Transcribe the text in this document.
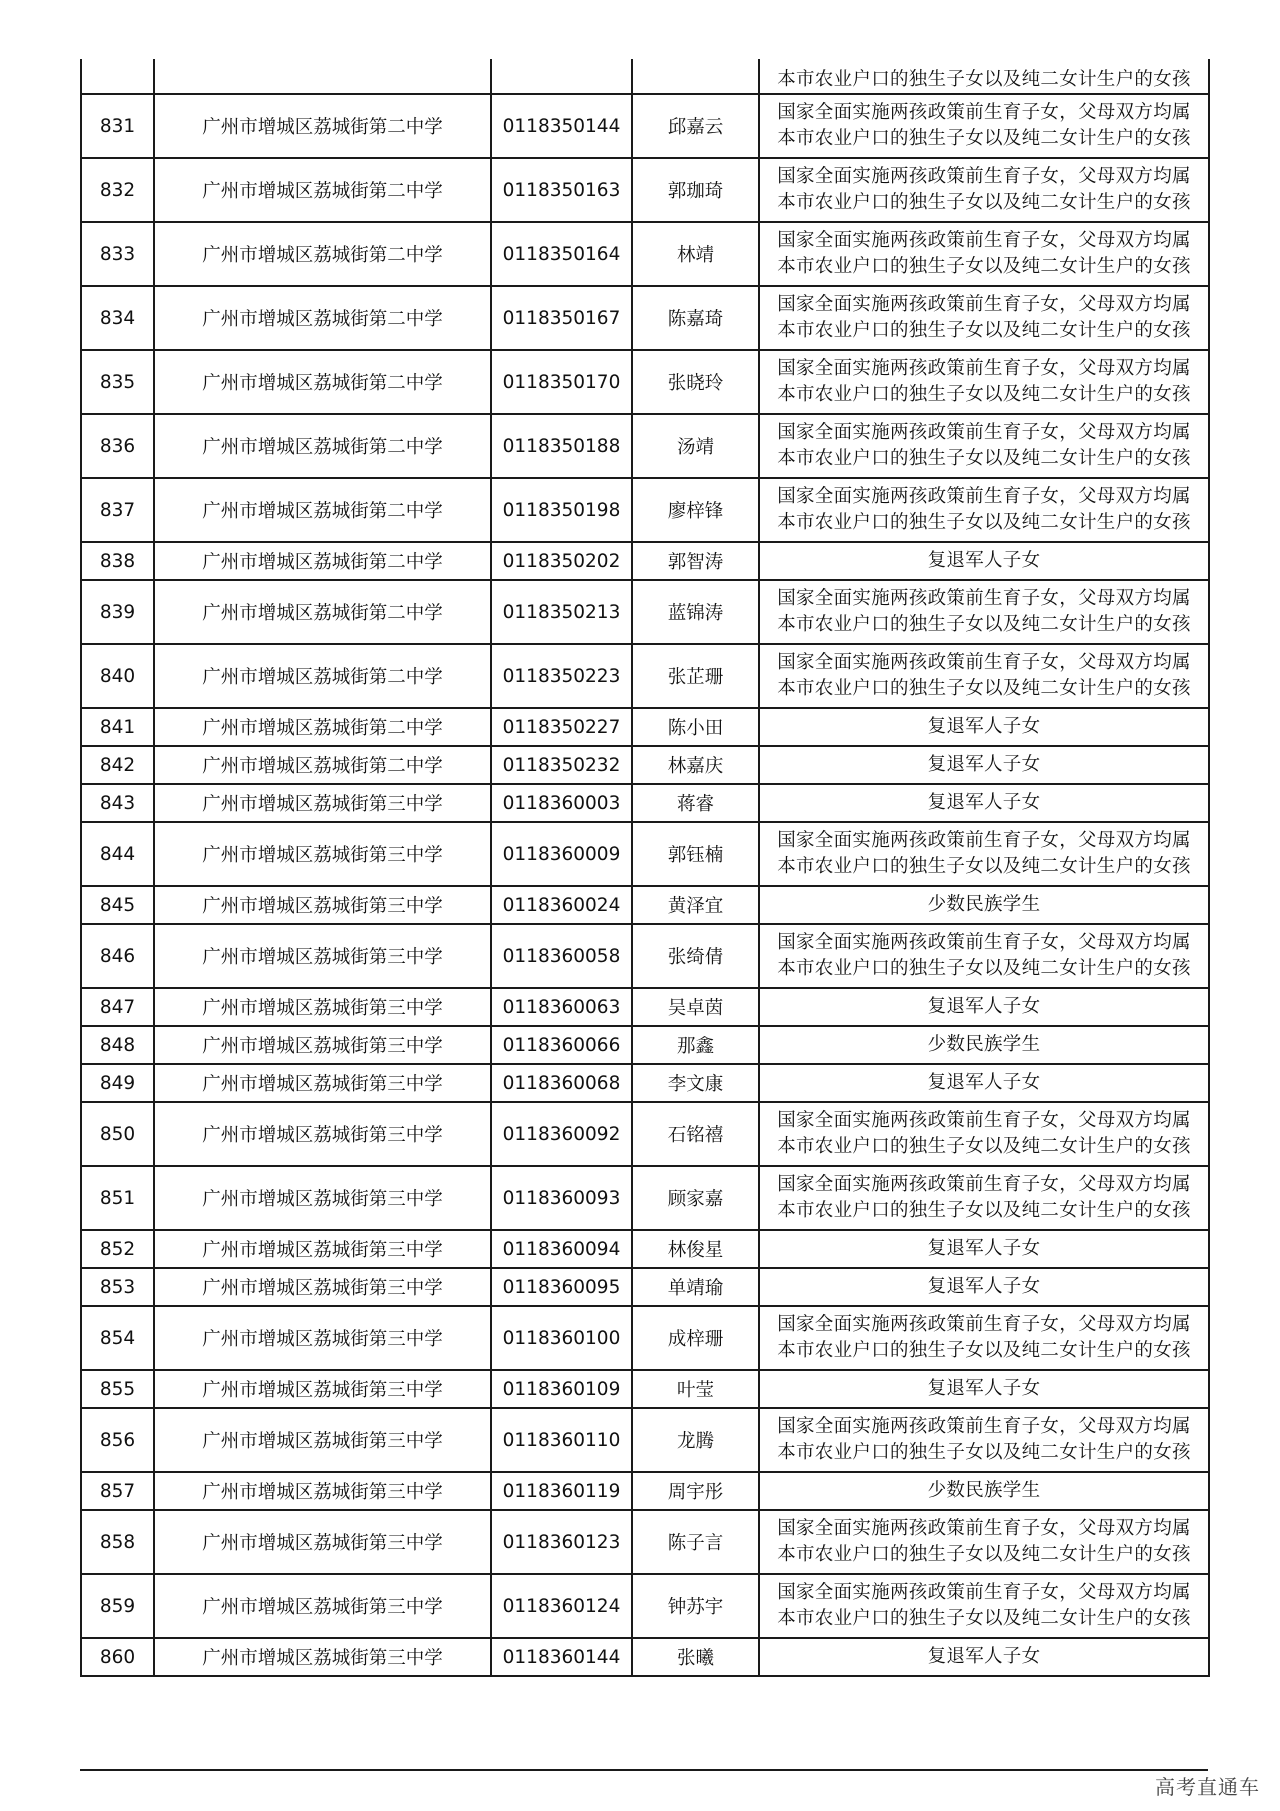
				本市农业户口的独生子女以及纯二女计生户的女孩

831	广州市增城区荔城街第二中学	0118350144	邱嘉云	国家全面实施两孩政策前生育子女，父母双方均属
本市农业户口的独生子女以及纯二女计生户的女孩

832	广州市增城区荔城街第二中学	0118350163	郭珈琦	国家全面实施两孩政策前生育子女，父母双方均属
本市农业户口的独生子女以及纯二女计生户的女孩

833	广州市增城区荔城街第二中学	0118350164	林靖	国家全面实施两孩政策前生育子女，父母双方均属
本市农业户口的独生子女以及纯二女计生户的女孩

834	广州市增城区荔城街第二中学	0118350167	陈嘉琦	国家全面实施两孩政策前生育子女，父母双方均属
本市农业户口的独生子女以及纯二女计生户的女孩

835	广州市增城区荔城街第二中学	0118350170	张晓玲	国家全面实施两孩政策前生育子女，父母双方均属
本市农业户口的独生子女以及纯二女计生户的女孩

836	广州市增城区荔城街第二中学	0118350188	汤靖	国家全面实施两孩政策前生育子女，父母双方均属
本市农业户口的独生子女以及纯二女计生户的女孩

837	广州市增城区荔城街第二中学	0118350198	廖梓锋	国家全面实施两孩政策前生育子女，父母双方均属
本市农业户口的独生子女以及纯二女计生户的女孩

838	广州市增城区荔城街第二中学	0118350202	郭智涛	复退军人子女

839	广州市增城区荔城街第二中学	0118350213	蓝锦涛	国家全面实施两孩政策前生育子女，父母双方均属
本市农业户口的独生子女以及纯二女计生户的女孩

840	广州市增城区荔城街第二中学	0118350223	张芷珊	国家全面实施两孩政策前生育子女，父母双方均属
本市农业户口的独生子女以及纯二女计生户的女孩

841	广州市增城区荔城街第二中学	0118350227	陈小田	复退军人子女

842	广州市增城区荔城街第二中学	0118350232	林嘉庆	复退军人子女

843	广州市增城区荔城街第三中学	0118360003	蒋睿	复退军人子女

844	广州市增城区荔城街第三中学	0118360009	郭钰楠	国家全面实施两孩政策前生育子女，父母双方均属
本市农业户口的独生子女以及纯二女计生户的女孩

845	广州市增城区荔城街第三中学	0118360024	黄泽宜	少数民族学生

846	广州市增城区荔城街第三中学	0118360058	张绮倩	国家全面实施两孩政策前生育子女，父母双方均属
本市农业户口的独生子女以及纯二女计生户的女孩

847	广州市增城区荔城街第三中学	0118360063	吴卓茵	复退军人子女

848	广州市增城区荔城街第三中学	0118360066	那鑫	少数民族学生

849	广州市增城区荔城街第三中学	0118360068	李文康	复退军人子女

850	广州市增城区荔城街第三中学	0118360092	石铭禧	国家全面实施两孩政策前生育子女，父母双方均属
本市农业户口的独生子女以及纯二女计生户的女孩

851	广州市增城区荔城街第三中学	0118360093	顾家嘉	国家全面实施两孩政策前生育子女，父母双方均属
本市农业户口的独生子女以及纯二女计生户的女孩

852	广州市增城区荔城街第三中学	0118360094	林俊星	复退军人子女

853	广州市增城区荔城街第三中学	0118360095	单靖瑜	复退军人子女

854	广州市增城区荔城街第三中学	0118360100	成梓珊	国家全面实施两孩政策前生育子女，父母双方均属
本市农业户口的独生子女以及纯二女计生户的女孩

855	广州市增城区荔城街第三中学	0118360109	叶莹	复退军人子女

856	广州市增城区荔城街第三中学	0118360110	龙腾	国家全面实施两孩政策前生育子女，父母双方均属
本市农业户口的独生子女以及纯二女计生户的女孩

857	广州市增城区荔城街第三中学	0118360119	周宇彤	少数民族学生

858	广州市增城区荔城街第三中学	0118360123	陈子言	国家全面实施两孩政策前生育子女，父母双方均属
本市农业户口的独生子女以及纯二女计生户的女孩

859	广州市增城区荔城街第三中学	0118360124	钟苏宇	国家全面实施两孩政策前生育子女，父母双方均属
本市农业户口的独生子女以及纯二女计生户的女孩

860	广州市增城区荔城街第三中学	0118360144	张曦	复退军人子女
高考直通车
